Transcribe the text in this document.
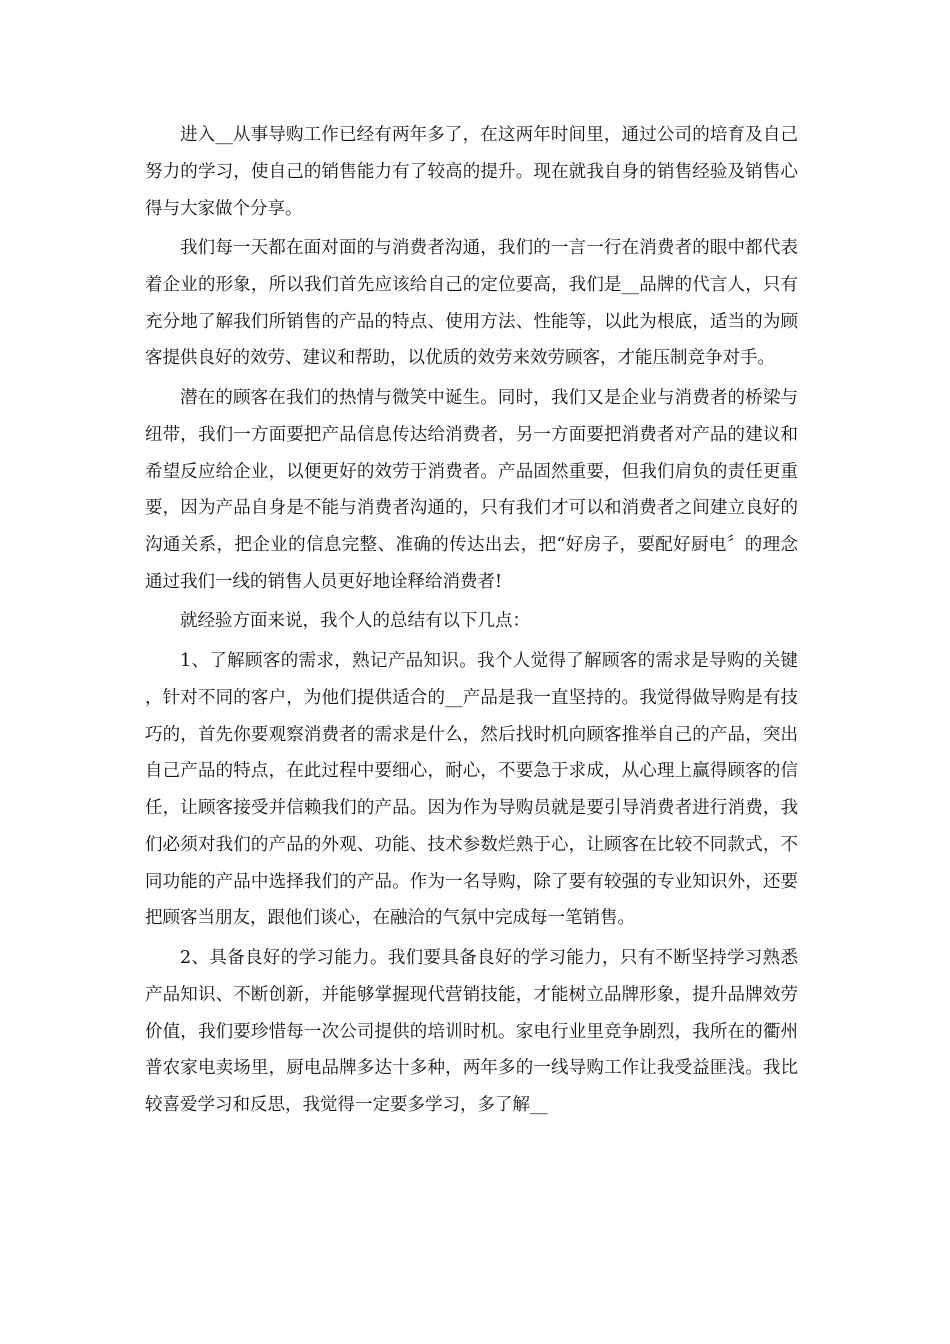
进入__从事导购工作已经有两年多了，在这两年时间里，通过公司的培育及自己努力的学习，使自己的销售能力有了较高的提升。现在就我自身的销售经验及销售心得与大家做个分享。

我们每一天都在面对面的与消费者沟通，我们的一言一行在消费者的眼中都代表着企业的形象，所以我们首先应该给自己的定位要高，我们是__品牌的代言人，只有充分地了解我们所销售的产品的特点、使用方法、性能等，以此为根底，适当的为顾客提供良好的效劳、建议和帮助，以优质的效劳来效劳顾客，才能压制竞争对手。

潜在的顾客在我们的热情与微笑中诞生。同时，我们又是企业与消费者的桥梁与纽带，我们一方面要把产品信息传达给消费者，另一方面要把消费者对产品的建议和希望反应给企业，以便更好的效劳于消费者。产品固然重要，但我们肩负的责任更重要，因为产品自身是不能与消费者沟通的，只有我们才可以和消费者之间建立良好的沟通关系，把企业的信息完整、准确的传达出去，把“好房子，要配好厨电〞的理念通过我们一线的销售人员更好地诠释给消费者!

就经验方面来说，我个人的总结有以下几点：

1、了解顾客的需求，熟记产品知识。我个人觉得了解顾客的需求是导购的关键，针对不同的客户，为他们提供适合的__产品是我一直坚持的。我觉得做导购是有技巧的，首先你要观察消费者的需求是什么，然后找时机向顾客推举自己的产品，突出自己产品的特点，在此过程中要细心，耐心，不要急于求成，从心理上赢得顾客的信任，让顾客接受并信赖我们的产品。因为作为导购员就是要引导消费者进行消费，我们必须对我们的产品的外观、功能、技术参数烂熟于心，让顾客在比较不同款式，不同功能的产品中选择我们的产品。作为一名导购，除了要有较强的专业知识外，还要把顾客当朋友，跟他们谈心，在融洽的气氛中完成每一笔销售。

2、具备良好的学习能力。我们要具备良好的学习能力，只有不断坚持学习熟悉产品知识、不断创新，并能够掌握现代营销技能，才能树立品牌形象，提升品牌效劳价值，我们要珍惜每一次公司提供的培训时机。家电行业里竞争剧烈，我所在的衢州普农家电卖场里，厨电品牌多达十多种，两年多的一线导购工作让我受益匪浅。我比较喜爱学习和反思，我觉得一定要多学习，多了解__
